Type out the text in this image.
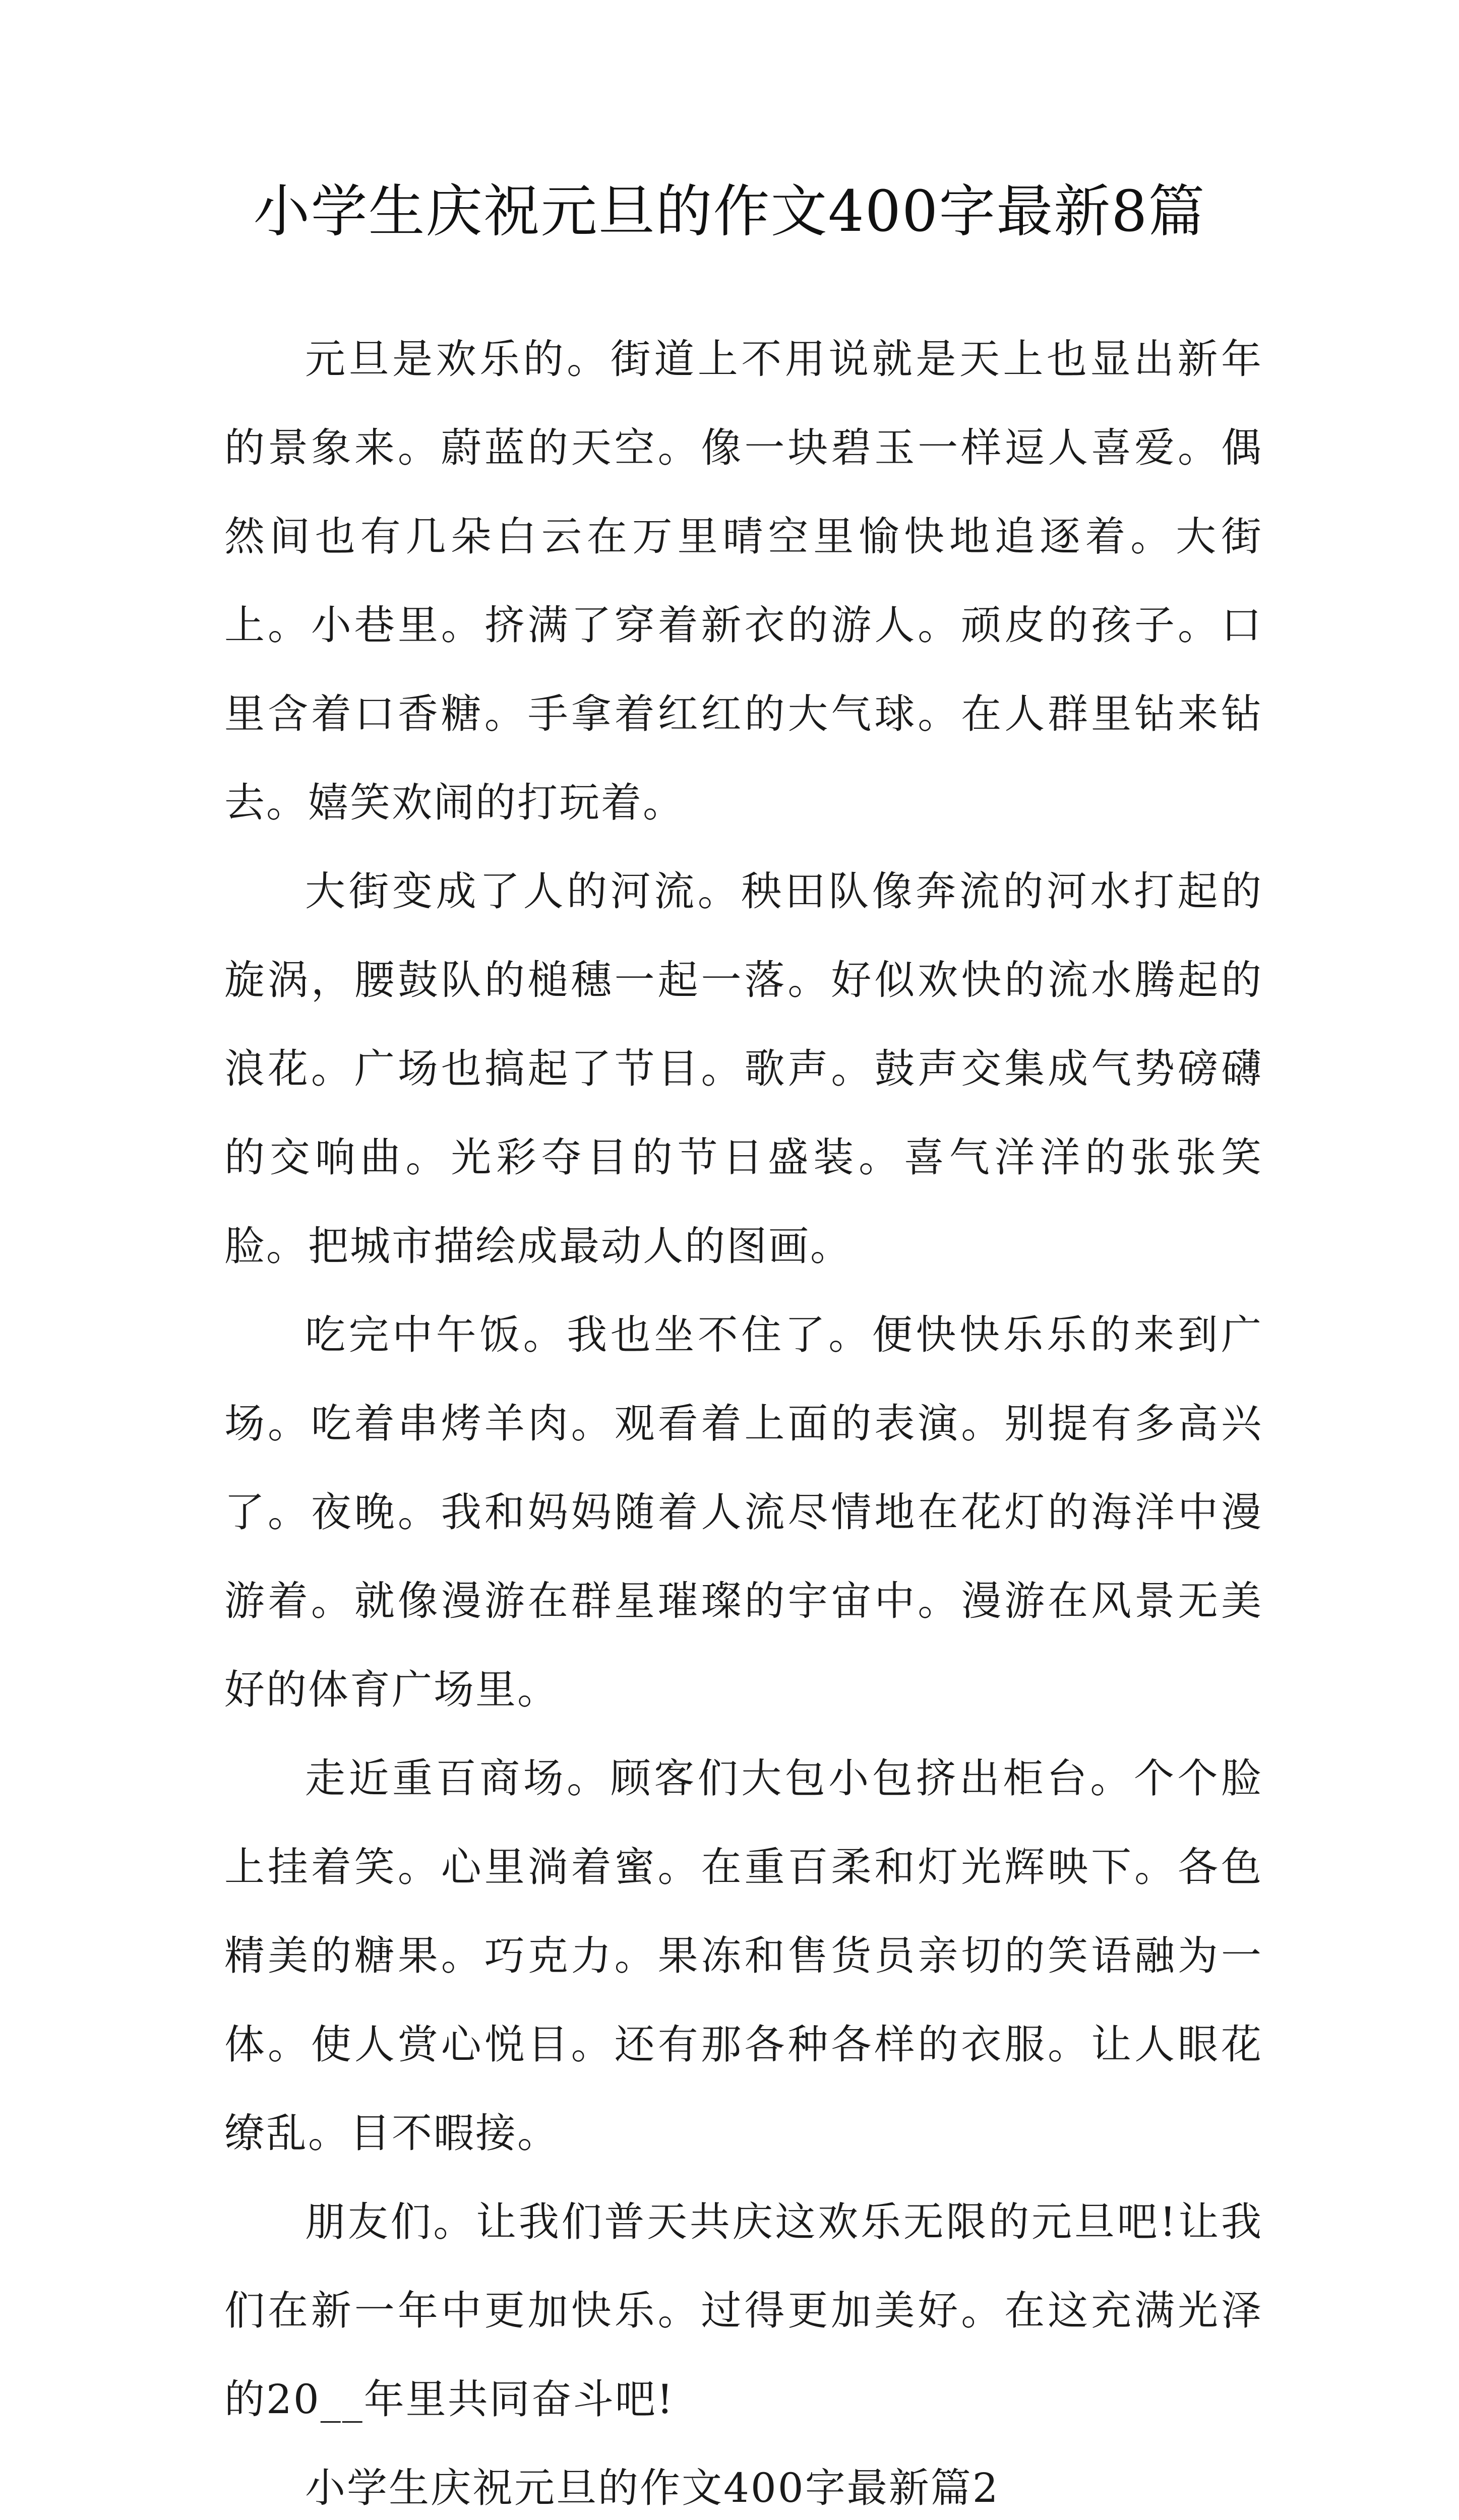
小学生庆祝元旦的作文400字最新8篇

元旦是欢乐的。街道上不用说就是天上也显出新年的景象来。蔚蓝的天空。像一块碧玉一样逗人喜爱。偶然间也有几朵白云在万里晴空里愉快地追逐着。大街上。小巷里。挤满了穿着新衣的游人。顽皮的孩子。口里含着口香糖。手拿着红红的大气球。在人群里钻来钻去。嬉笑欢闹的打玩着。

大街变成了人的河流。秧田队像奔流的河水打起的旋涡，腰鼓队的槌穗一起一落。好似欢快的流水腾起的浪花。广场也搞起了节目。歌声。鼓声交集成气势磅礴的交响曲。光彩夺目的节日盛装。喜气洋洋的张张笑脸。把城市描绘成最动人的图画。

吃完中午饭。我也坐不住了。便快快乐乐的来到广场。吃着串烤羊肉。观看着上面的表演。别提有多高兴了。夜晚。我和妈妈随着人流尽情地在花灯的海洋中漫游着。就像漫游在群星璀璨的宇宙中。漫游在风景无美好的体育广场里。

走近重百商场。顾客们大包小包挤出柜台。个个脸上挂着笑。心里淌着蜜。在重百柔和灯光辉映下。各色精美的糖果。巧克力。果冻和售货员亲切的笑语融为一体。使人赏心悦目。还有那各种各样的衣服。让人眼花缭乱。目不暇接。

朋友们。让我们普天共庆这欢乐无限的元旦吧!让我们在新一年中更加快乐。过得更加美好。在这充满光泽的20__年里共同奋斗吧!

小学生庆祝元旦的作文400字最新篇2
